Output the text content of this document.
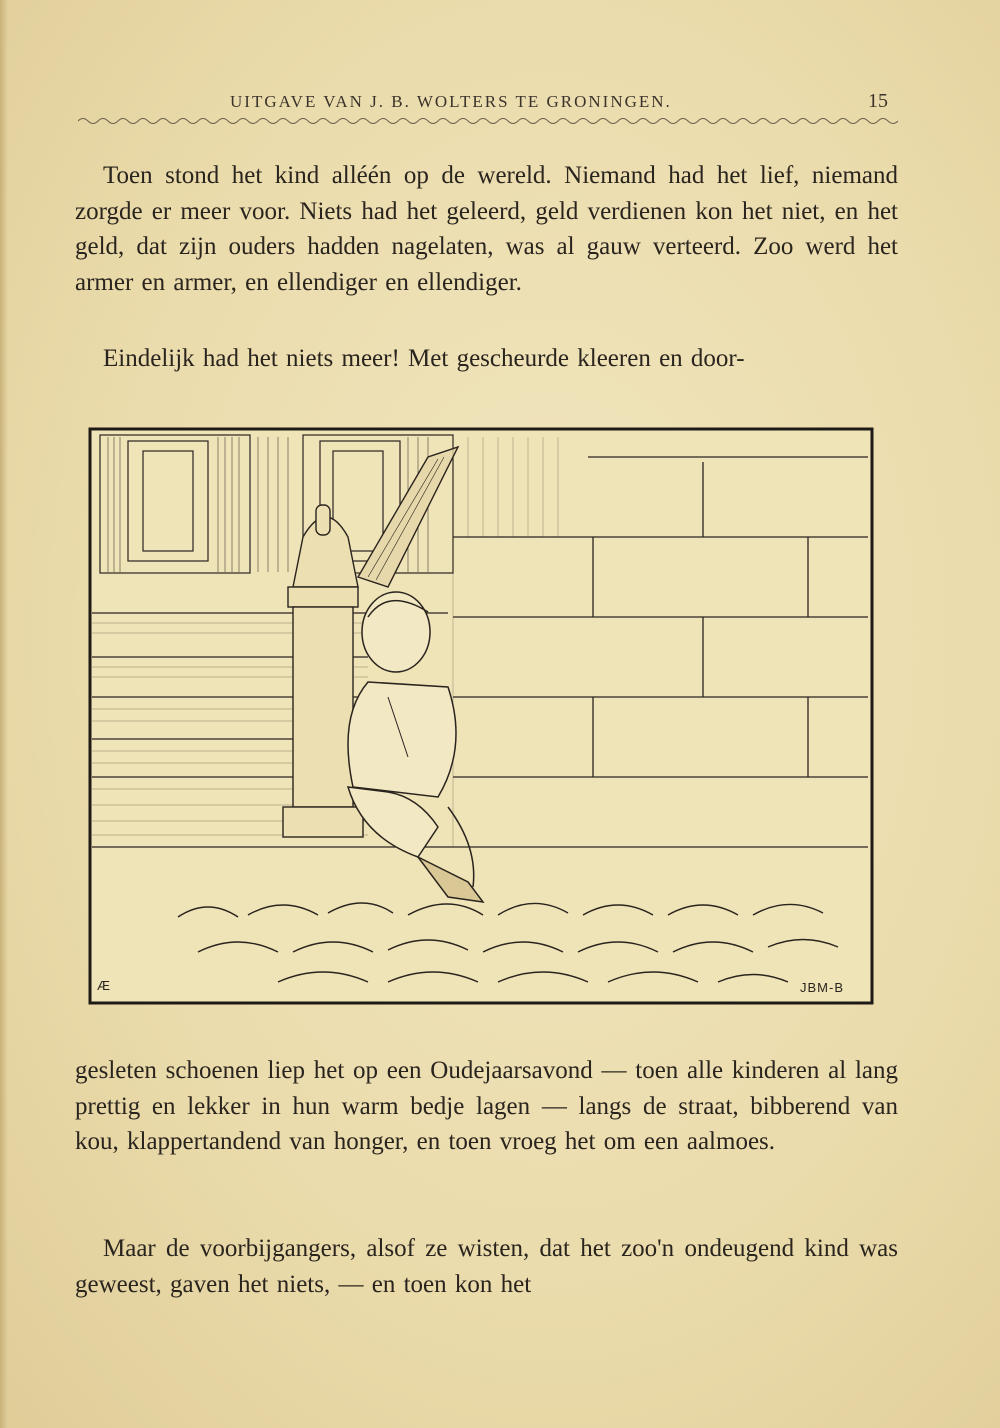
UITGAVE VAN J. B. WOLTERS TE GRONINGEN.	15

Toen stond het kind alléén op de wereld. Niemand had het lief, niemand zorgde er meer voor. Niets had het geleerd, geld verdienen kon het niet, en het geld, dat zijn ouders hadden nagelaten, was al gauw verteerd. Zoo werd het armer en armer, en ellendiger en ellendiger.

Eindelijk had het niets meer! Met gescheurde kleeren en door-

Æ	JBM-B

gesleten schoenen liep het op een Oudejaarsavond — toen alle kinderen al lang prettig en lekker in hun warm bedje lagen — langs de straat, bibberend van kou, klappertandend van honger, en toen vroeg het om een aalmoes.

Maar de voorbijgangers, alsof ze wisten, dat het zoo'n ondeugend kind was geweest, gaven het niets, — en toen kon het
